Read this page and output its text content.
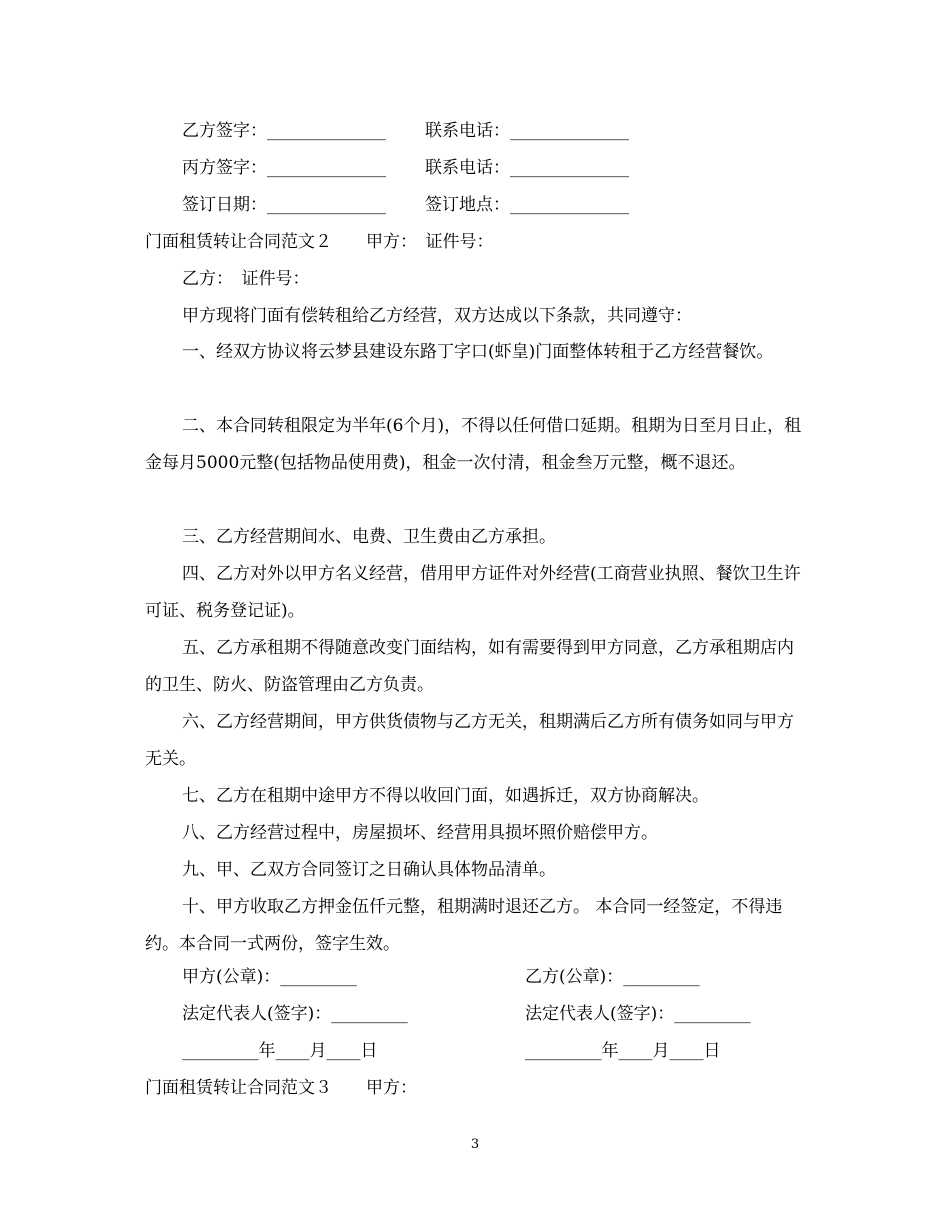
乙方签字：______________ 联系电话：______________
丙方签字：______________ 联系电话：______________
签订日期：______________ 签订地点：______________
门面租赁转让合同范文２　　甲方：　证件号：
乙方：　证件号：
甲方现将门面有偿转租给乙方经营，双方达成以下条款，共同遵守：
一、经双方协议将云梦县建设东路丁字口(虾皇)门面整体转租于乙方经营餐饮。
二、本合同转租限定为半年(6个月)，不得以任何借口延期。租期为日至月日止，租金每月5000元整(包括物品使用费)，租金一次付清，租金叁万元整，概不退还。
三、乙方经营期间水、电费、卫生费由乙方承担。
四、乙方对外以甲方名义经营，借用甲方证件对外经营(工商营业执照、餐饮卫生许可证、税务登记证)。
五、乙方承租期不得随意改变门面结构，如有需要得到甲方同意，乙方承租期店内的卫生、防火、防盗管理由乙方负责。
六、乙方经营期间，甲方供货债物与乙方无关，租期满后乙方所有债务如同与甲方无关。
七、乙方在租期中途甲方不得以收回门面，如遇拆迁，双方协商解决。
八、乙方经营过程中，房屋损坏、经营用具损坏照价赔偿甲方。
九、甲、乙双方合同签订之日确认具体物品清单。
十、甲方收取乙方押金伍仟元整，租期满时退还乙方。 本合同一经签定，不得违约。本合同一式两份，签字生效。
甲方(公章)：_________	乙方(公章)：_________
法定代表人(签字)：_________	法定代表人(签字)：_________
_________年____月____日	_________年____月____日
门面租赁转让合同范文３　　甲方：
3
